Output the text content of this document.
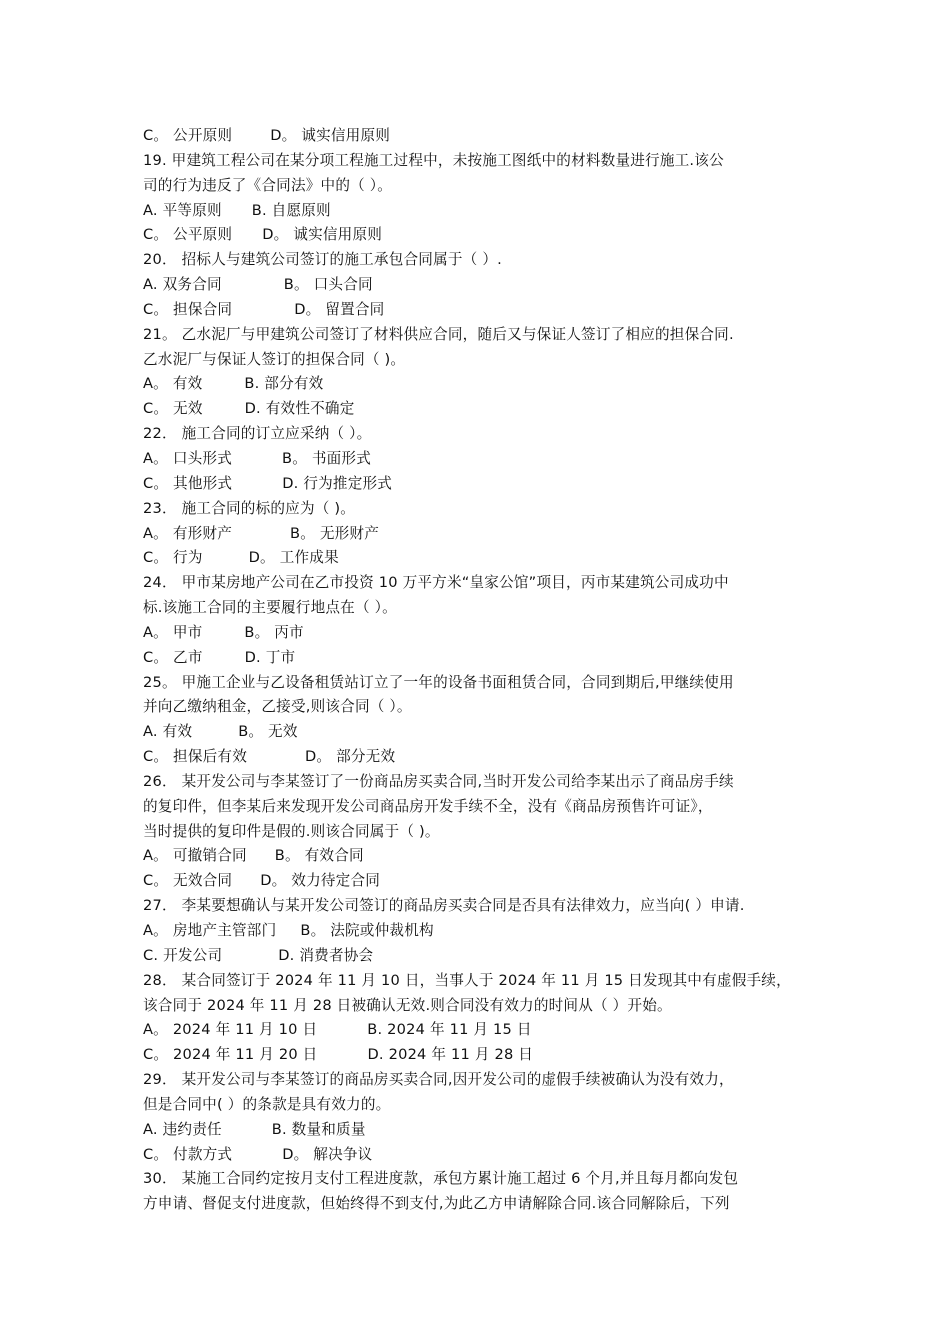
C。 公开原则	D。 诚实信用原则
19. 甲建筑工程公司在某分项工程施工过程中，未按施工图纸中的材料数量进行施工.该公
司的行为违反了《合同法》中的（ ）。
A. 平等原则 B. 自愿原则
C。 公平原则 D。 诚实信用原则
20． 招标人与建筑公司签订的施工承包合同属于（ ）.
A. 双务合同	B。 口头合同
C。 担保合同	D。 留置合同
21。 乙水泥厂与甲建筑公司签订了材料供应合同，随后又与保证人签订了相应的担保合同.
乙水泥厂与保证人签订的担保合同（ )。
A。 有效	B. 部分有效
C。 无效	D. 有效性不确定
22． 施工合同的订立应采纳（ ）。
A。 口头形式	B。 书面形式
C。 其他形式	D. 行为推定形式
23． 施工合同的标的应为（ )。
A。 有形财产	B。 无形财产
C。 行为	D。 工作成果
24． 甲市某房地产公司在乙市投资 10 万平方米“皇家公馆”项目，丙市某建筑公司成功中
标.该施工合同的主要履行地点在（ ）。
A。 甲市	B。 丙市
C。 乙市	D. 丁市
25。 甲施工企业与乙设备租赁站订立了一年的设备书面租赁合同，合同到期后,甲继续使用
并向乙缴纳租金，乙接受,则该合同（ ）。
A. 有效	B。 无效
C。 担保后有效	D。 部分无效
26． 某开发公司与李某签订了一份商品房买卖合同,当时开发公司给李某出示了商品房手续
的复印件，但李某后来发现开发公司商品房开发手续不全，没有《商品房预售许可证》，
当时提供的复印件是假的.则该合同属于（ )。
A。 可撤销合同 B。 有效合同
C。 无效合同 D。 效力待定合同
27． 李某要想确认与某开发公司签订的商品房买卖合同是否具有法律效力，应当向( ）申请.
A。 房地产主管部门 B。 法院或仲裁机构
C. 开发公司	D. 消费者协会
28． 某合同签订于 2024 年 11 月 10 日，当事人于 2024 年 11 月 15 日发现其中有虚假手续，
该合同于 2024 年 11 月 28 日被确认无效.则合同没有效力的时间从（ ）开始。
A。 2024 年 11 月 10 日	B. 2024 年 11 月 15 日
C。 2024 年 11 月 20 日	D. 2024 年 11 月 28 日
29． 某开发公司与李某签订的商品房买卖合同,因开发公司的虚假手续被确认为没有效力，
但是合同中( ）的条款是具有效力的。
A. 违约责任	B. 数量和质量
C。 付款方式	D。 解决争议
30． 某施工合同约定按月支付工程进度款，承包方累计施工超过 6 个月,并且每月都向发包
方申请、督促支付进度款，但始终得不到支付,为此乙方申请解除合同.该合同解除后，下列
